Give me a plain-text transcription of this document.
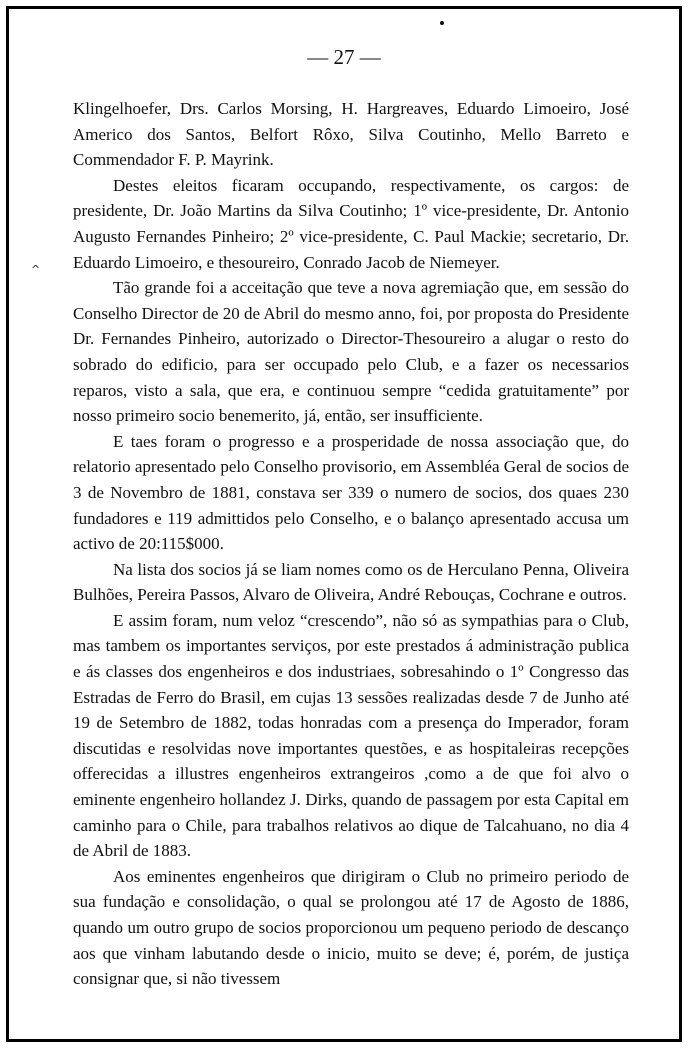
— 27 —
^

Klingelhoefer, Drs. Carlos Morsing, H. Hargreaves, Eduardo Limoeiro, José Americo dos Santos, Belfort Rôxo, Silva Coutinho, Mello Barreto e Commendador F. P. Mayrink.

Destes eleitos ficaram occupando, respectivamente, os cargos: de presidente, Dr. João Martins da Silva Coutinho; 1º vice-presidente, Dr. Antonio Augusto Fernandes Pinheiro; 2º vice-presidente, C. Paul Mackie; secretario, Dr. Eduardo Limoeiro, e thesoureiro, Conrado Jacob de Niemeyer.

Tão grande foi a acceitação que teve a nova agremiação que, em sessão do Conselho Director de 20 de Abril do mesmo anno, foi, por proposta do Presidente Dr. Fernandes Pinheiro, autorizado o Director-Thesoureiro a alugar o resto do sobrado do edificio, para ser occupado pelo Club, e a fazer os necessarios reparos, visto a sala, que era, e continuou sempre “cedida gratuitamente” por nosso primeiro socio benemerito, já, então, ser insufficiente.

E taes foram o progresso e a prosperidade de nossa associação que, do relatorio apresentado pelo Conselho provisorio, em Assembléa Geral de socios de 3 de Novembro de 1881, constava ser 339 o numero de socios, dos quaes 230 fundadores e 119 admittidos pelo Conselho, e o balanço apresentado accusa um activo de 20:115$000.

Na lista dos socios já se liam nomes como os de Herculano Penna, Oliveira Bulhões, Pereira Passos, Alvaro de Oliveira, André Rebouças, Cochrane e outros.

E assim foram, num veloz “crescendo”, não só as sympathias para o Club, mas tambem os importantes serviços, por este prestados á administração publica e ás classes dos engenheiros e dos industriaes, sobresahindo o 1º Congresso das Estradas de Ferro do Brasil, em cujas 13 sessões realizadas desde 7 de Junho até 19 de Setembro de 1882, todas honradas com a presença do Imperador, foram discutidas e resolvidas nove importantes questões, e as hospitaleiras recepções offerecidas a illustres engenheiros extrangeiros ,como a de que foi alvo o eminente engenheiro hollandez J. Dirks, quando de passagem por esta Capital em caminho para o Chile, para trabalhos relativos ao dique de Talcahuano, no dia 4 de Abril de 1883.

Aos eminentes engenheiros que dirigiram o Club no primeiro periodo de sua fundação e consolidação, o qual se prolongou até 17 de Agosto de 1886, quando um outro grupo de socios proporcionou um pequeno periodo de descanço aos que vinham labutando desde o inicio, muito se deve; é, porém, de justiça consignar que, si não tivessem
